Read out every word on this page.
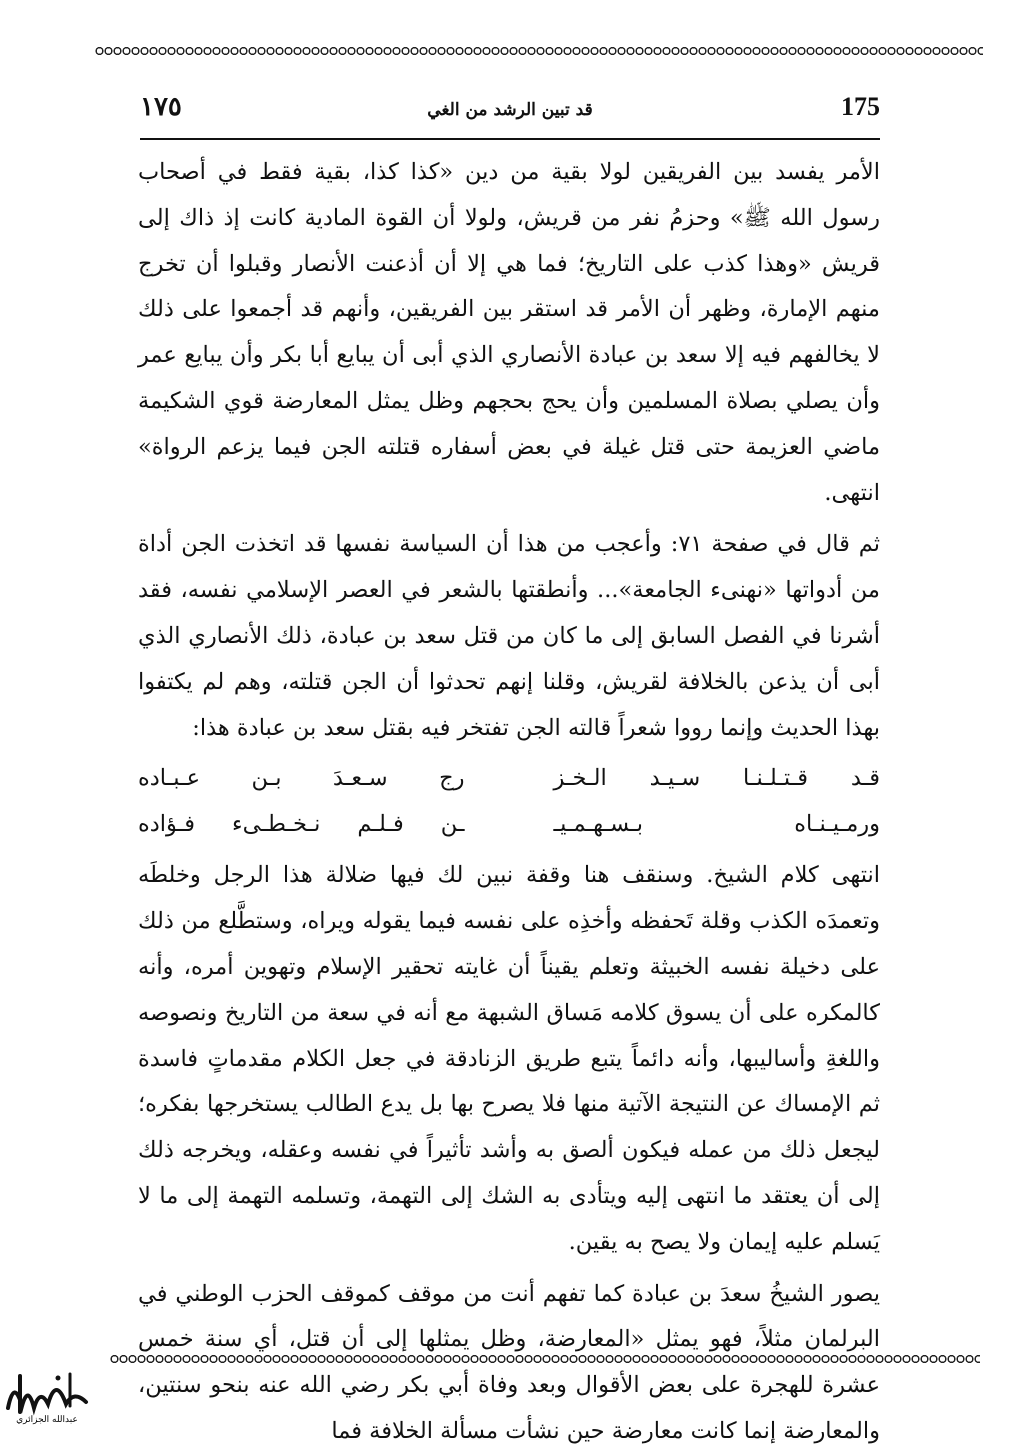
175
قد تبين الرشد من الغي
١٧٥

الأمر يفسد بين الفريقين لولا بقية من دين «كذا كذا، بقية فقط في أصحاب رسول الله ﷺ» وحزمُ نفر من قريش، ولولا أن القوة المادية كانت إذ ذاك إلى قريش «وهذا كذب على التاريخ؛ فما هي إلا أن أذعنت الأنصار وقبلوا أن تخرج منهم الإمارة، وظهر أن الأمر قد استقر بين الفريقين، وأنهم قد أجمعوا على ذلك لا يخالفهم فيه إلا سعد بن عبادة الأنصاري الذي أبى أن يبايع أبا بكر وأن يبايع عمر وأن يصلي بصلاة المسلمين وأن يحج بحجهم وظل يمثل المعارضة قوي الشكيمة ماضي العزيمة حتى قتل غيلة في بعض أسفاره قتلته الجن فيما يزعم الرواة» انتهى.

ثم قال في صفحة ٧١: وأعجب من هذا أن السياسة نفسها قد اتخذت الجن أداة من أدواتها «نهنىء الجامعة»... وأنطقتها بالشعر في العصر الإسلامي نفسه، فقد أشرنا في الفصل السابق إلى ما كان من قتل سعد بن عبادة، ذلك الأنصاري الذي أبى أن يذعن بالخلافة لقريش، وقلنا إنهم تحدثوا أن الجن قتلته، وهم لم يكتفوا بهذا الحديث وإنما رووا شعراً قالته الجن تفتخر فيه بقتل سعد بن عبادة هذا:

قـد قـتـلـنـا سـيـد الـخـز
رج سـعـدَ بـن عـبـاده
ورمـيـنـاه بـسـهـمـيـ
ـن فـلـم نـخـطـىء فـؤاده

انتهى كلام الشيخ. وسنقف هنا وقفة نبين لك فيها ضلالة هذا الرجل وخلطَه وتعمدَه الكذب وقلة تَحفظه وأخذِه على نفسه فيما يقوله ويراه، وستطَّلع من ذلك على دخيلة نفسه الخبيثة وتعلم يقيناً أن غايته تحقير الإسلام وتهوين أمره، وأنه كالمكره على أن يسوق كلامه مَساق الشبهة مع أنه في سعة من التاريخ ونصوصه واللغةِ وأساليبها، وأنه دائماً يتبع طريق الزنادقة في جعل الكلام مقدماتٍ فاسدة ثم الإمساك عن النتيجة الآتية منها فلا يصرح بها بل يدع الطالب يستخرجها بفكره؛ ليجعل ذلك من عمله فيكون ألصق به وأشد تأثيراً في نفسه وعقله، ويخرجه ذلك إلى أن يعتقد ما انتهى إليه ويتأدى به الشك إلى التهمة، وتسلمه التهمة إلى ما لا يَسلم عليه إيمان ولا يصح به يقين.

يصور الشيخُ سعدَ بن عبادة كما تفهم أنت من موقف كموقف الحزب الوطني في البرلمان مثلاً، فهو يمثل «المعارضة، وظل يمثلها إلى أن قتل، أي سنة خمس عشرة للهجرة على بعض الأقوال وبعد وفاة أبي بكر رضي الله عنه بنحو سنتين، والمعارضة إنما كانت معارضة حين نشأت مسألة الخلافة فما

عبدالله الجزائري
